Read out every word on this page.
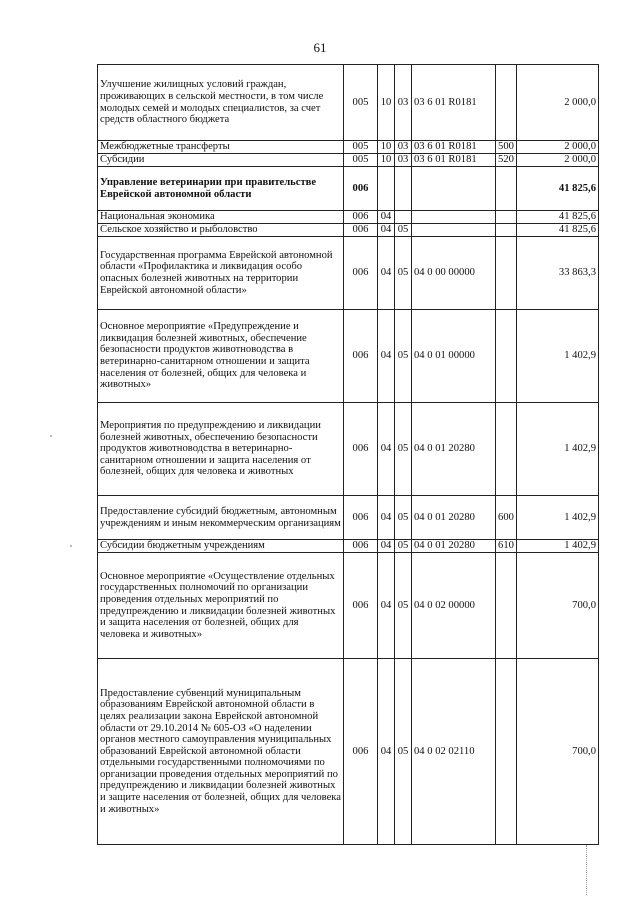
61
Улучшение жилищных условий граждан, проживающих в сельской местности, в том числе молодых семей и молодых специалистов, за счет средств областного бюджета	005	10	03	03 6 01 R0181		2 000,0
Межбюджетные трансферты	005	10	03	03 6 01 R0181	500	2 000,0
Субсидии	005	10	03	03 6 01 R0181	520	2 000,0
Управление ветеринарии при правительстве Еврейской автономной области	006					41 825,6
Национальная экономика	006	04				41 825,6
Сельское хозяйство и рыболовство	006	04	05			41 825,6
Государственная программа Еврейской автономной области «Профилактика и ликвидация особо опасных болезней животных на территории Еврейской автономной области»	006	04	05	04 0 00 00000		33 863,3
Основное мероприятие «Предупреждение и ликвидация болезней животных, обеспечение безопасности продуктов животноводства в ветеринарно-санитарном отношении и защита населения от болезней, общих для человека и животных»	006	04	05	04 0 01 00000		1 402,9
Мероприятия по предупреждению и ликвидации болезней животных, обеспечению безопасности продуктов животноводства в ветеринарно-санитарном отношении и защита населения от болезней, общих для человека и животных	006	04	05	04 0 01 20280		1 402,9
Предоставление субсидий бюджетным, автономным учреждениям и иным некоммерческим организациям	006	04	05	04 0 01 20280	600	1 402,9
Субсидии бюджетным учреждениям	006	04	05	04 0 01 20280	610	1 402,9
Основное мероприятие «Осуществление отдельных государственных полномочий по организации проведения отдельных мероприятий по предупреждению и ликвидации болезней животных и защита населения от болезней, общих для человека и животных»	006	04	05	04 0 02 00000		700,0
Предоставление субвенций муниципальным образованиям Еврейской автономной области в целях реализации закона Еврейской автономной области от 29.10.2014 № 605-ОЗ «О наделении органов местного самоуправления муниципальных образований Еврейской автономной области отдельными государственными полномочиями по организации проведения отдельных мероприятий по предупреждению и ликвидации болезней животных и защите населения от болезней, общих для человека и животных»	006	04	05	04 0 02 02110		700,0
